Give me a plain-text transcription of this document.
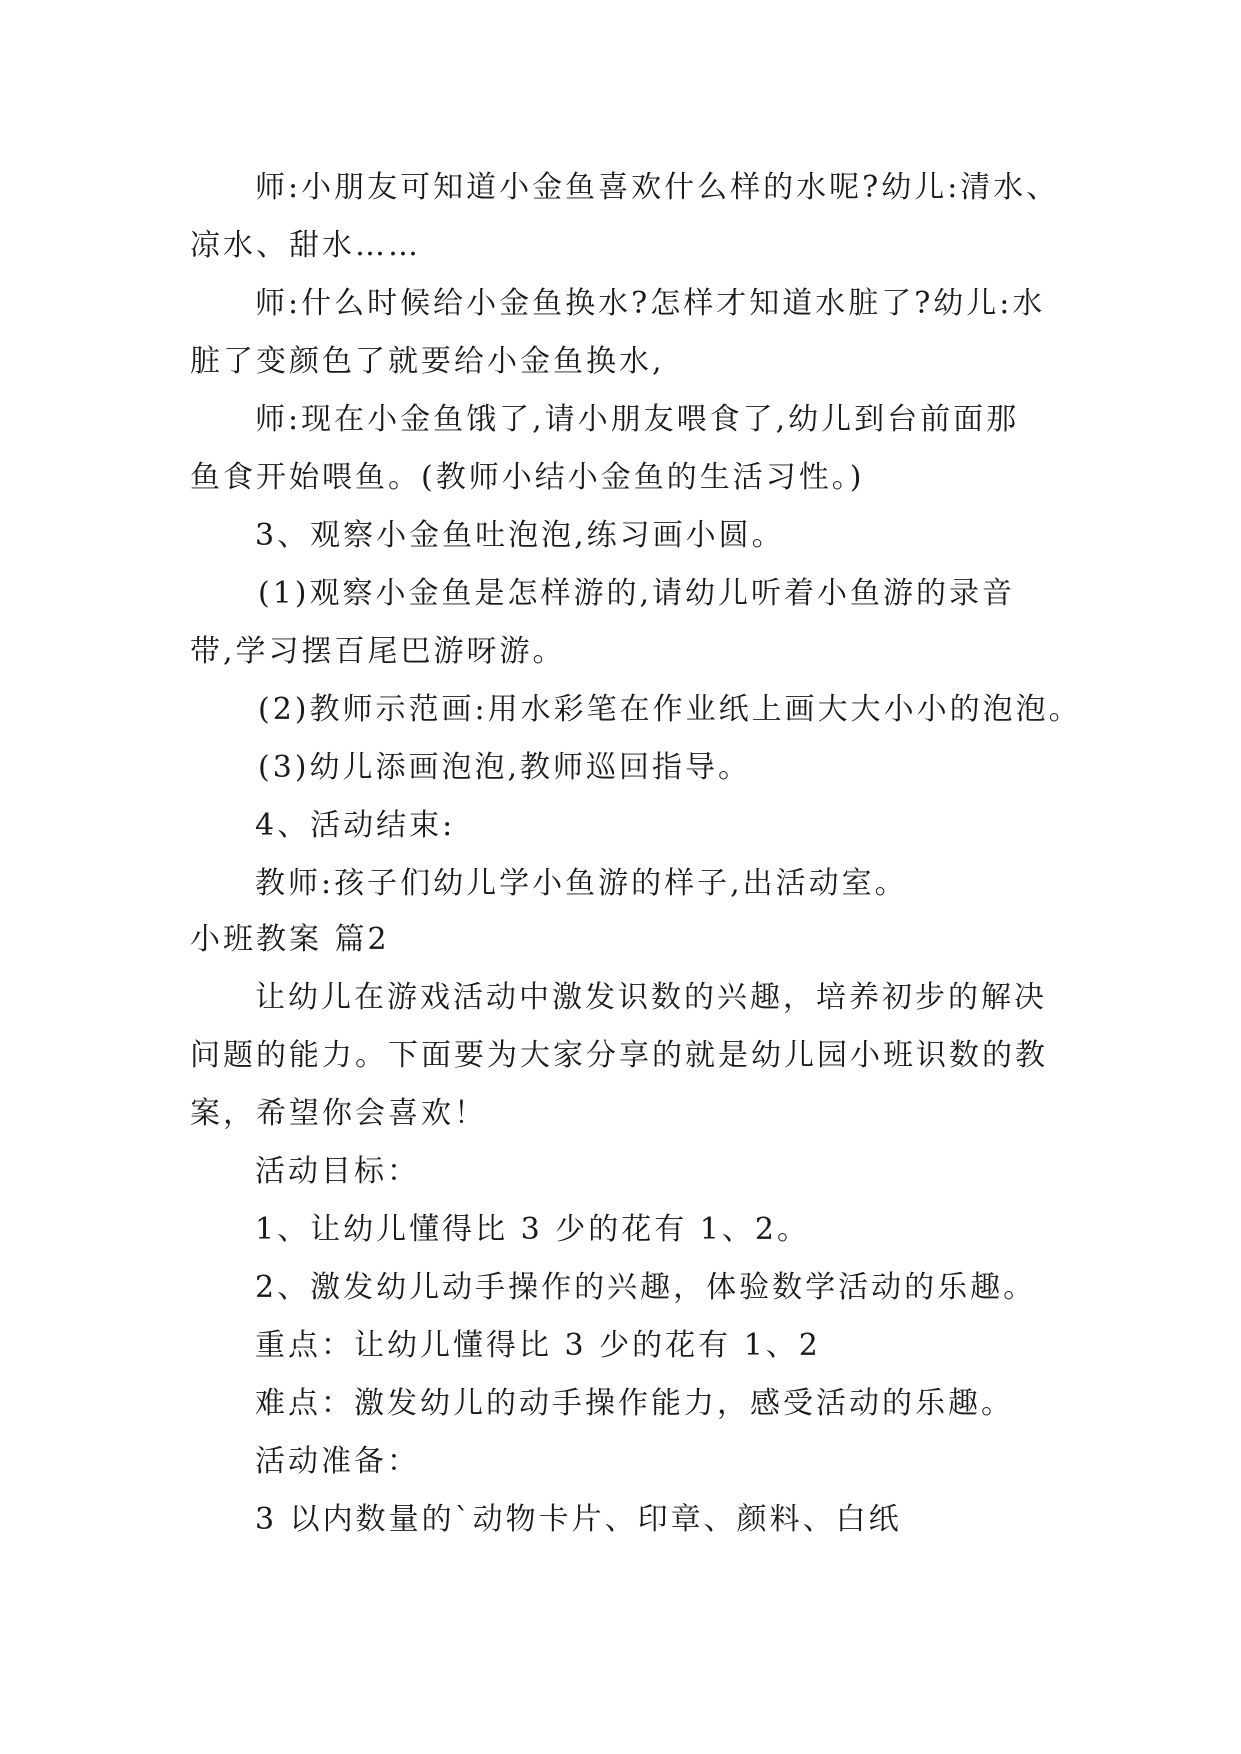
师:小朋友可知道小金鱼喜欢什么样的水呢?幼儿:清水、
凉水、甜水……
师:什么时候给小金鱼换水?怎样才知道水脏了?幼儿:水
脏了变颜色了就要给小金鱼换水,
师:现在小金鱼饿了,请小朋友喂食了,幼儿到台前面那
鱼食开始喂鱼。(教师小结小金鱼的生活习性。)
3、观察小金鱼吐泡泡,练习画小圆。
(1)观察小金鱼是怎样游的,请幼儿听着小鱼游的录音
带,学习摆百尾巴游呀游。
(2)教师示范画:用水彩笔在作业纸上画大大小小的泡泡。
(3)幼儿添画泡泡,教师巡回指导。
4、活动结束:
教师:孩子们幼儿学小鱼游的样子,出活动室。
小班教案 篇2
让幼儿在游戏活动中激发识数的兴趣，培养初步的解决
问题的能力。下面要为大家分享的就是幼儿园小班识数的教
案，希望你会喜欢！
活动目标：
1、让幼儿懂得比 3 少的花有 1、2。
2、激发幼儿动手操作的兴趣，体验数学活动的乐趣。
重点：让幼儿懂得比 3 少的花有 1、2
难点：激发幼儿的动手操作能力，感受活动的乐趣。
活动准备：
3 以内数量的`动物卡片、印章、颜料、白纸
